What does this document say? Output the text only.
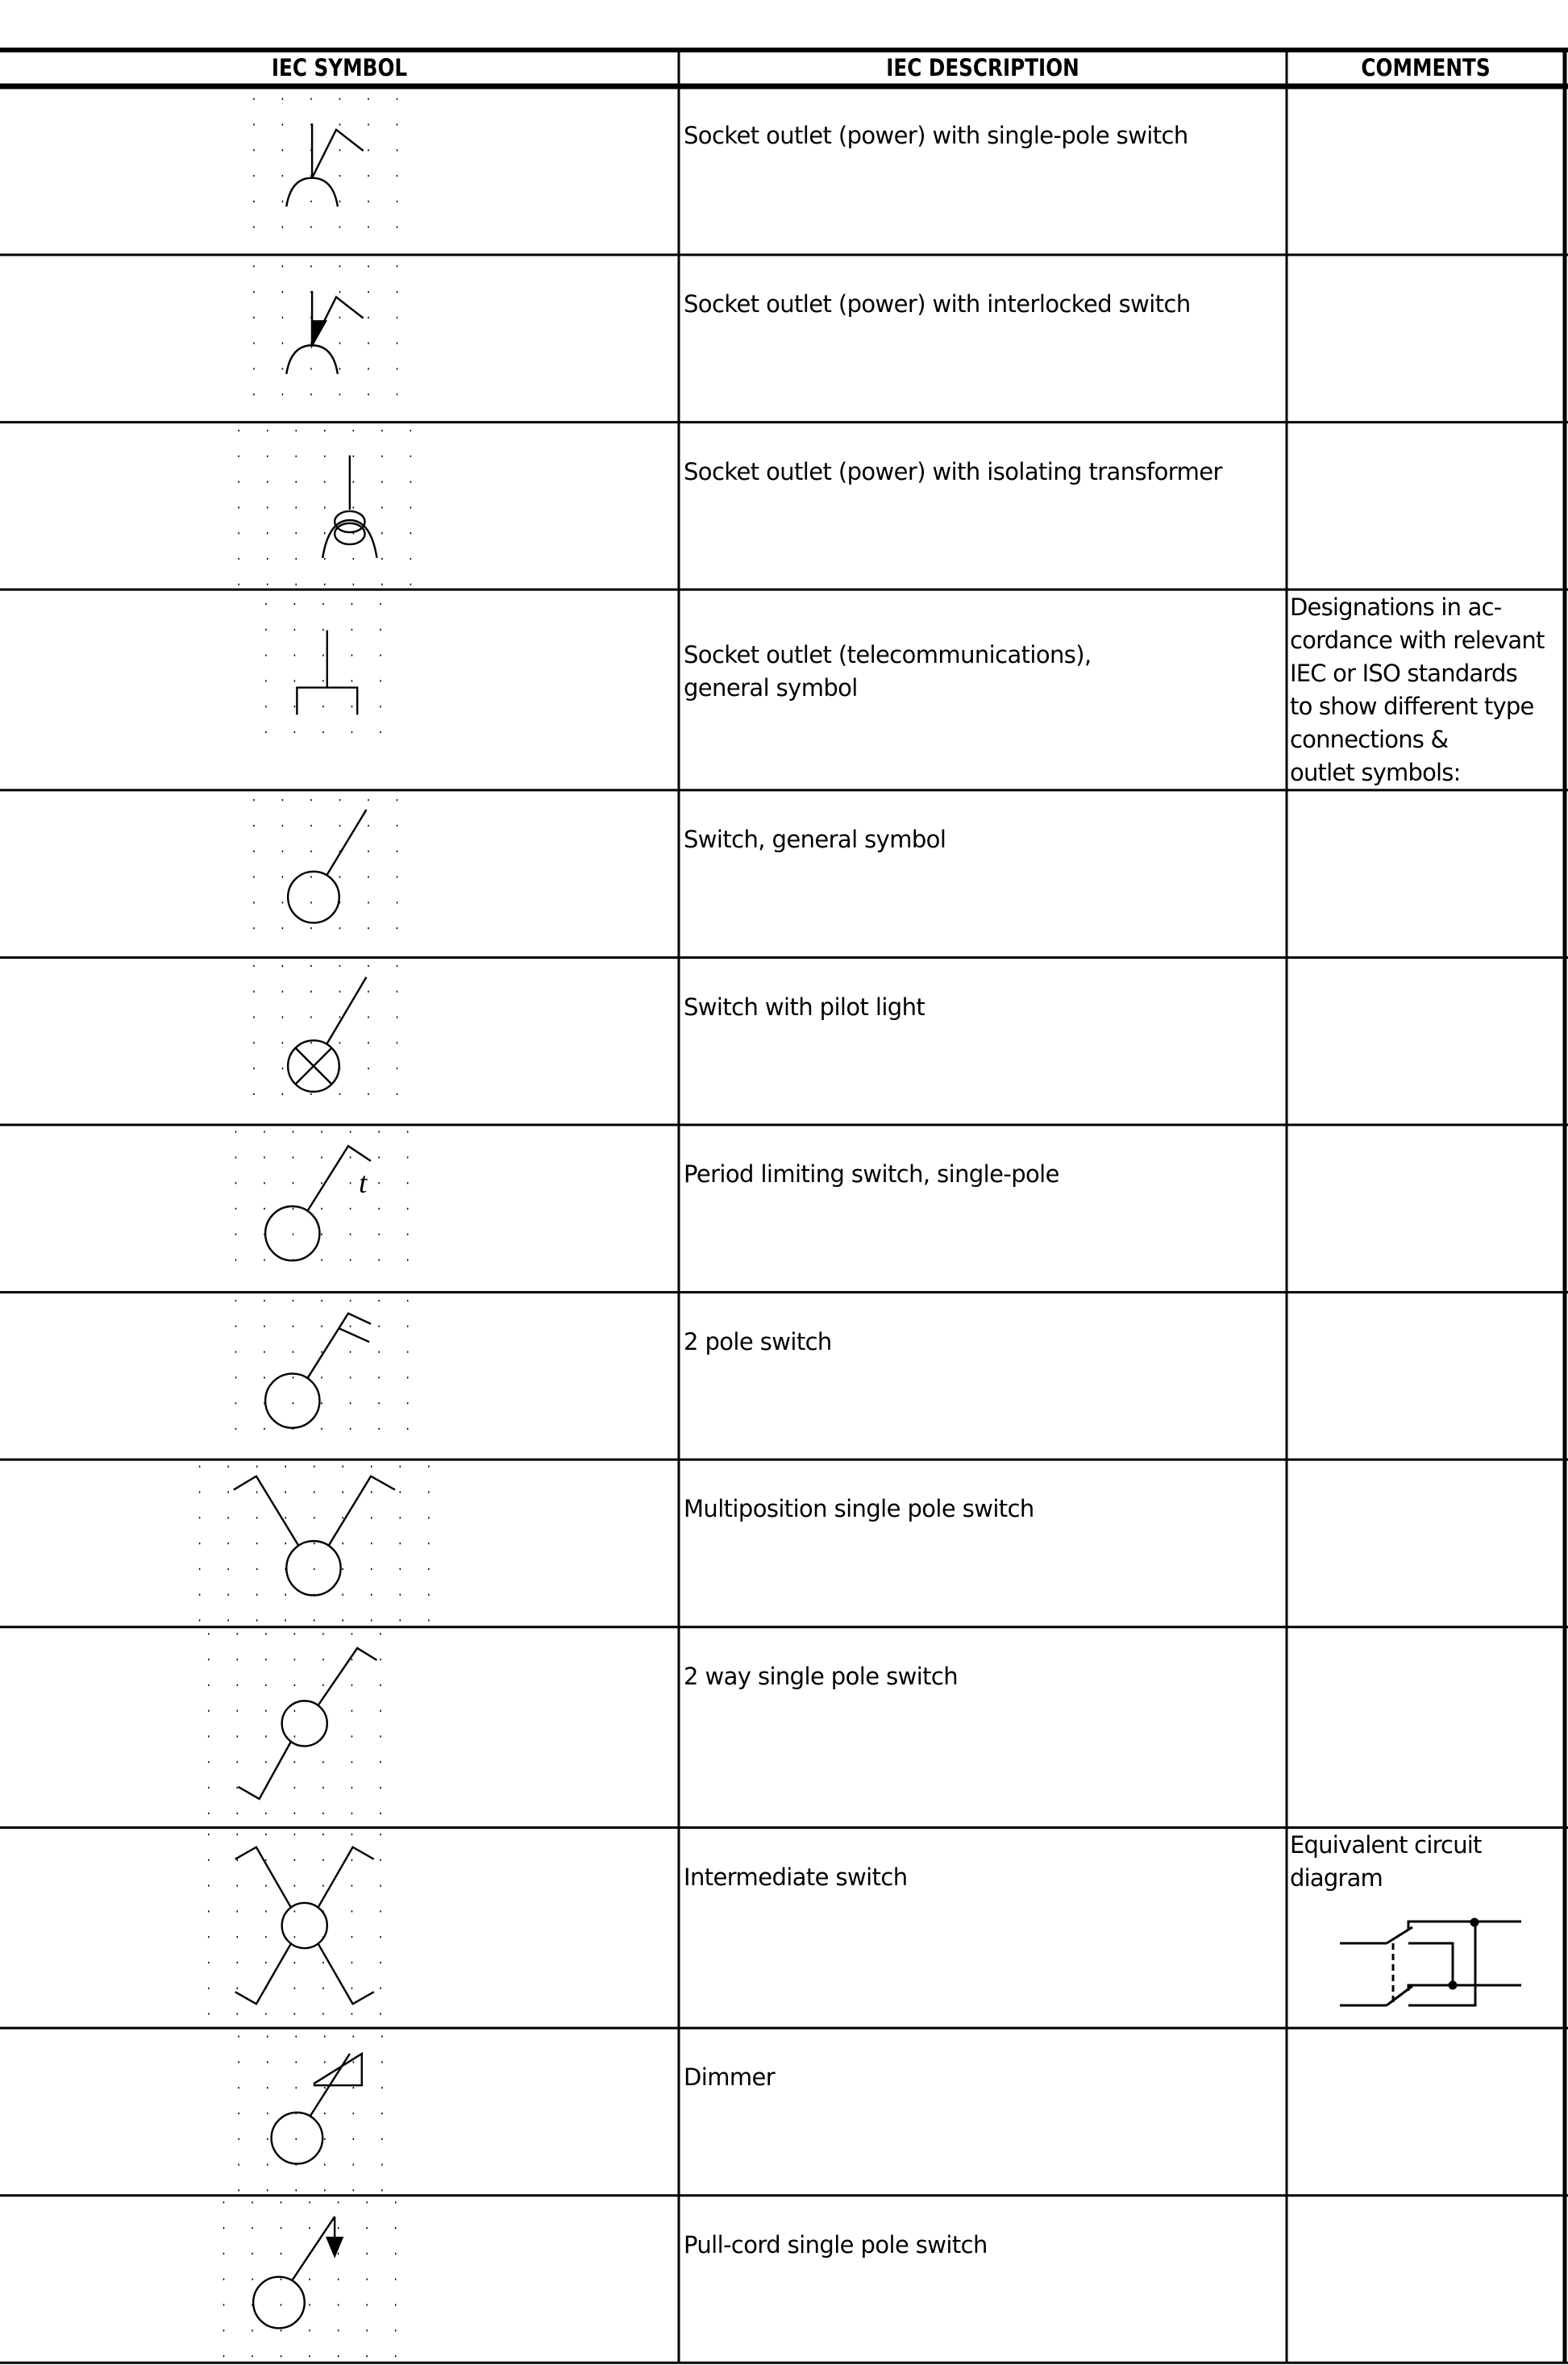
t
IEC SYMBOL	IEC DESCRIPTION	COMMENTS
Socket outlet (power) with single-pole switch
Socket outlet (power) with interlocked switch
Socket outlet (power) with isolating transformer
Socket outlet (telecommunications),
general symbol
Designations in ac-
cordance with relevant
IEC or ISO standards
to show different type
connections &
outlet symbols:
Switch, general symbol
Switch with pilot light
Period limiting switch, single-pole
2 pole switch
Multiposition single pole switch
2 way single pole switch
Intermediate switch
Equivalent circuit
diagram
Dimmer
Pull-cord single pole switch
